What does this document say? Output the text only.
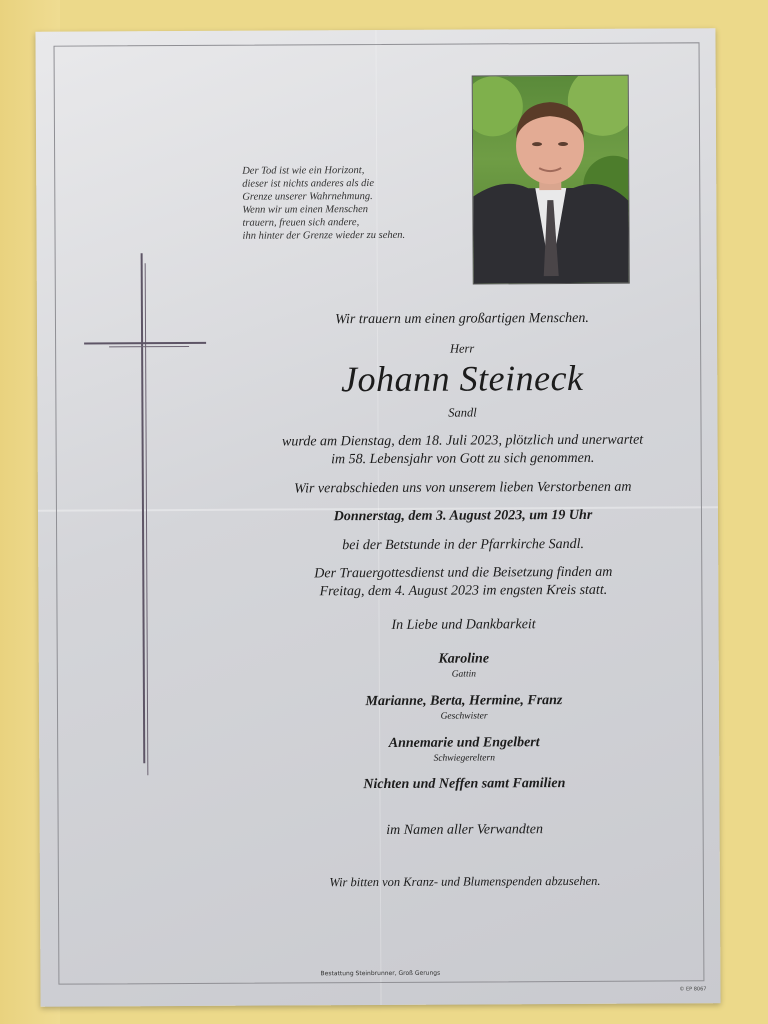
Der Tod ist wie ein Horizont,
dieser ist nichts anderes als die
Grenze unserer Wahrnehmung.
Wenn wir um einen Menschen
trauern, freuen sich andere,
ihn hinter der Grenze wieder zu sehen.
Wir trauern um einen großartigen Menschen.
Herr
Johann Steineck
Sandl
wurde am Dienstag, dem 18. Juli 2023, plötzlich und unerwartet
im 58. Lebensjahr von Gott zu sich genommen.
Wir verabschieden uns von unserem lieben Verstorbenen am
Donnerstag, dem 3. August 2023, um 19 Uhr
bei der Betstunde in der Pfarrkirche Sandl.
Der Trauergottesdienst und die Beisetzung finden am
Freitag, dem 4. August 2023 im engsten Kreis statt.
In Liebe und Dankbarkeit
Karoline
Gattin
Marianne, Berta, Hermine, Franz
Geschwister
Annemarie und Engelbert
Schwiegereltern
Nichten und Neffen samt Familien
im Namen aller Verwandten
Wir bitten von Kranz- und Blumenspenden abzusehen.
Bestattung Steinbrunner, Groß Gerungs
© EP 8067
